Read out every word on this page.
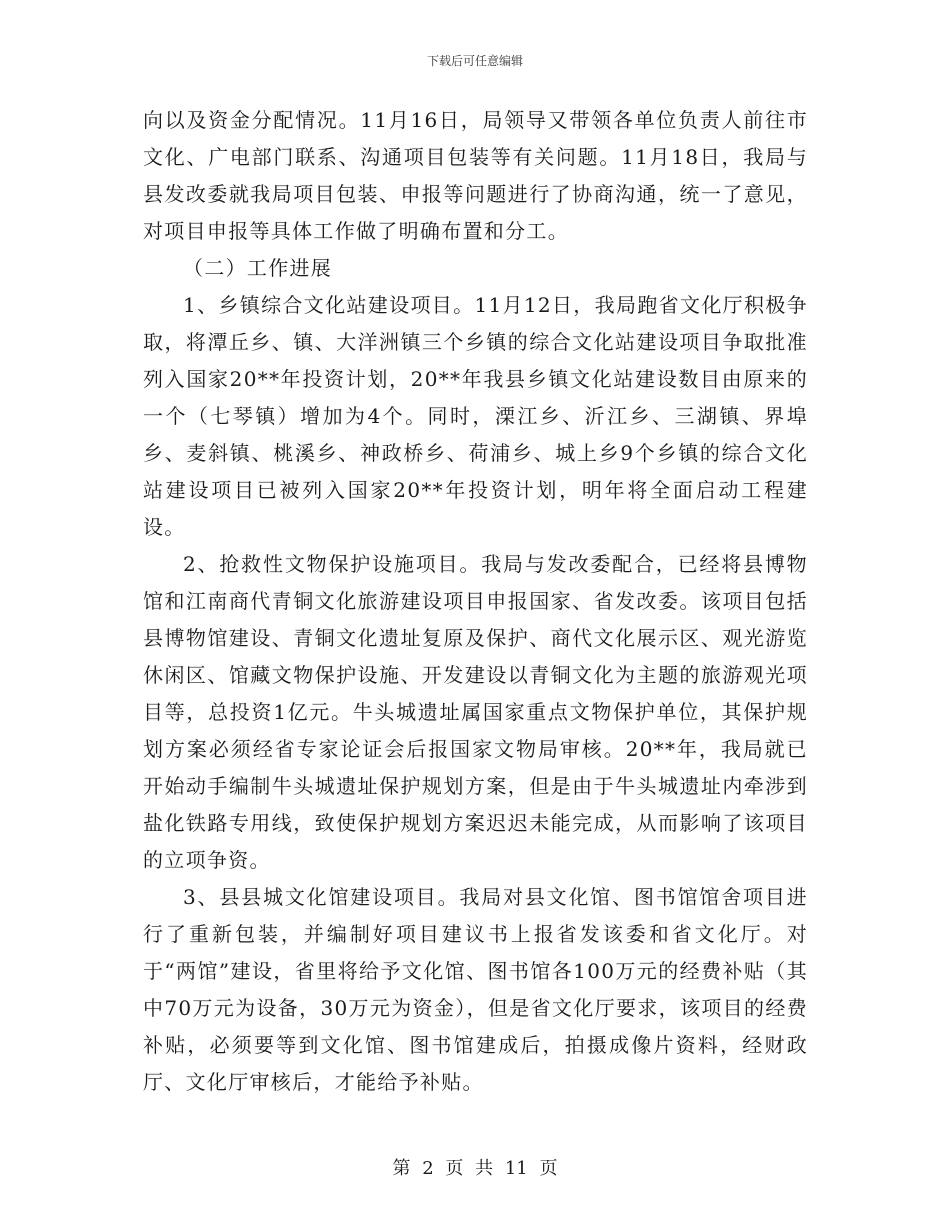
下载后可任意编辑

向以及资金分配情况。11月16日，局领导又带领各单位负责人前往市文化、广电部门联系、沟通项目包装等有关问题。11月18日，我局与县发改委就我局项目包装、申报等问题进行了协商沟通，统一了意见，对项目申报等具体工作做了明确布置和分工。

（二）工作进展

1、乡镇综合文化站建设项目。11月12日，我局跑省文化厅积极争取，将潭丘乡、镇、大洋洲镇三个乡镇的综合文化站建设项目争取批准列入国家20**年投资计划，20**年我县乡镇文化站建设数目由原来的一个（七琴镇）增加为4个。同时，溧江乡、沂江乡、三湖镇、界埠乡、麦斜镇、桃溪乡、神政桥乡、荷浦乡、城上乡9个乡镇的综合文化站建设项目已被列入国家20**年投资计划，明年将全面启动工程建设。

2、抢救性文物保护设施项目。我局与发改委配合，已经将县博物馆和江南商代青铜文化旅游建设项目申报国家、省发改委。该项目包括县博物馆建设、青铜文化遗址复原及保护、商代文化展示区、观光游览休闲区、馆藏文物保护设施、开发建设以青铜文化为主题的旅游观光项目等，总投资1亿元。牛头城遗址属国家重点文物保护单位，其保护规划方案必须经省专家论证会后报国家文物局审核。20**年，我局就已开始动手编制牛头城遗址保护规划方案，但是由于牛头城遗址内牵涉到盐化铁路专用线，致使保护规划方案迟迟未能完成，从而影响了该项目的立项争资。

3、县县城文化馆建设项目。我局对县文化馆、图书馆馆舍项目进行了重新包装，并编制好项目建议书上报省发该委和省文化厅。对于“两馆”建设，省里将给予文化馆、图书馆各100万元的经费补贴（其中70万元为设备，30万元为资金），但是省文化厅要求，该项目的经费补贴，必须要等到文化馆、图书馆建成后，拍摄成像片资料，经财政厅、文化厅审核后，才能给予补贴。

第 2 页 共 11 页
